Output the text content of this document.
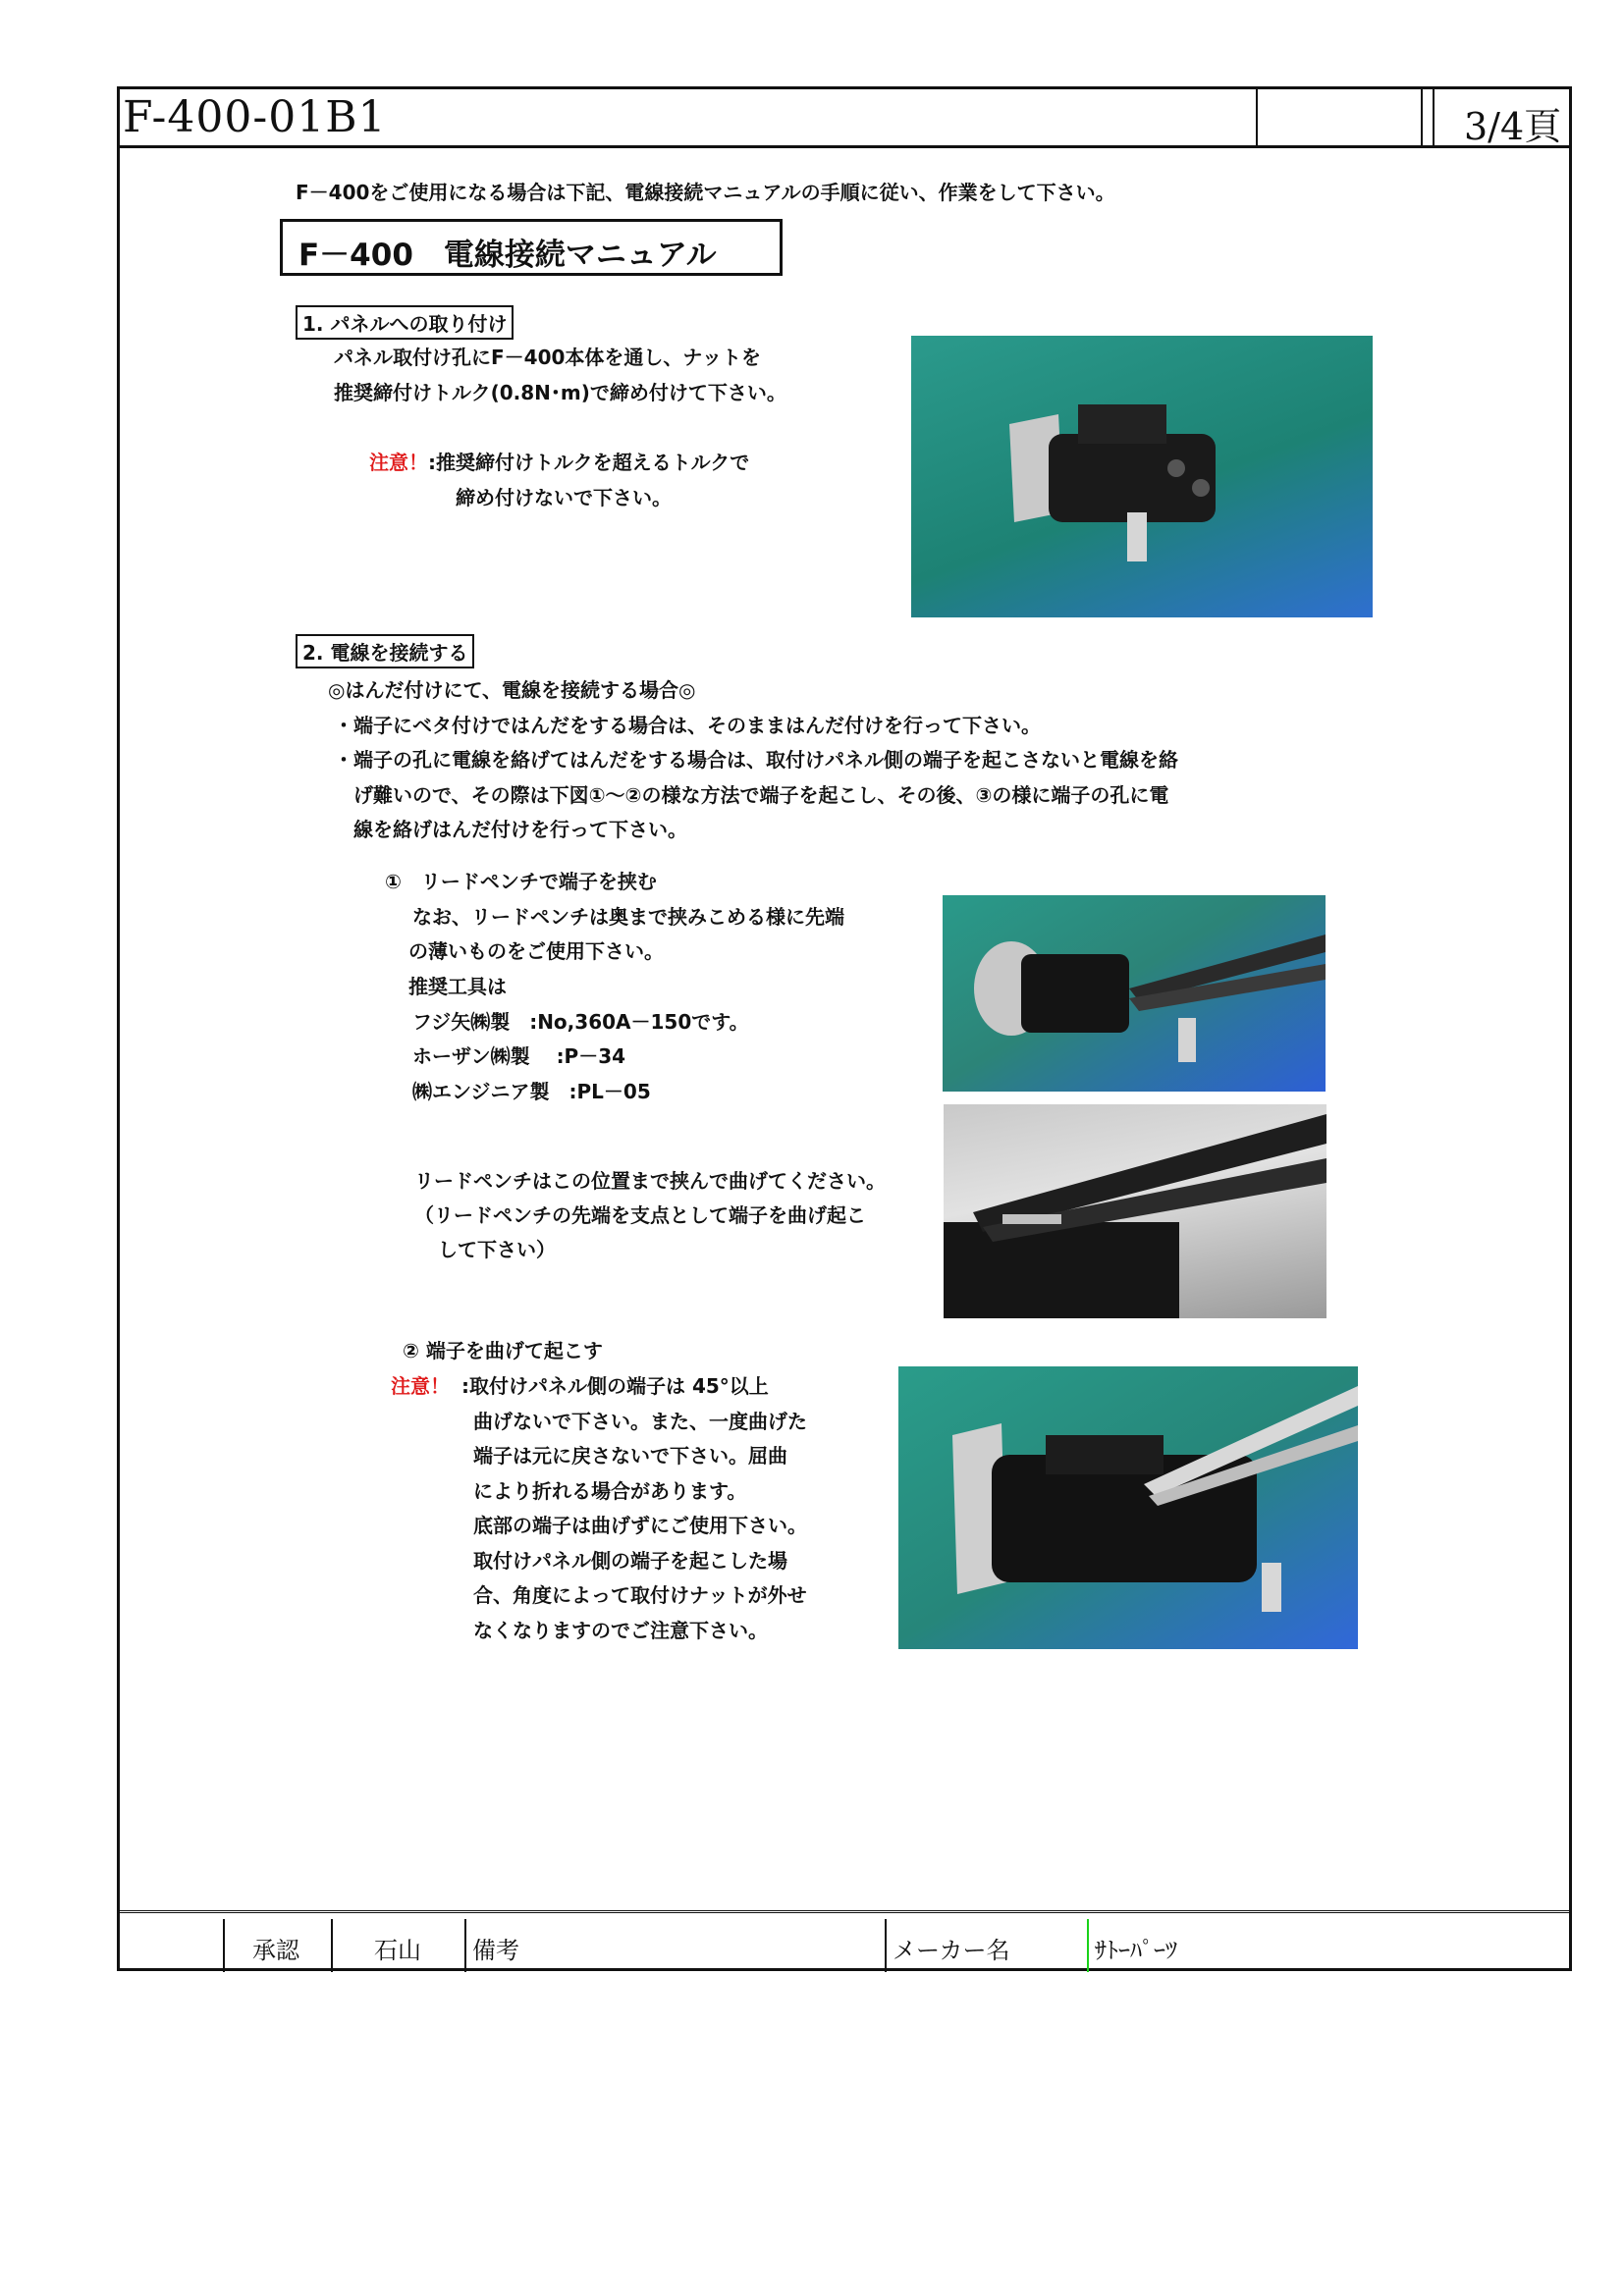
F-400-01B1	3/4頁
F－400をご使用になる場合は下記、電線接続マニュアルの手順に従い、作業をして下さい。
F－400　電線接続マニュアル
1. パネルへの取り付け
パネル取付け孔にF－400本体を通し、ナットを
推奨締付けトルク(0.8N･m)で締め付けて下さい。
注意！ :推奨締付けトルクを超えるトルクで
締め付けないで下さい。
2. 電線を接続する
◎はんだ付けにて、電線を接続する場合◎
・端子にベタ付けではんだをする場合は、そのままはんだ付けを行って下さい。
・端子の孔に電線を絡げてはんだをする場合は、取付けパネル側の端子を起こさないと電線を絡
げ難いので、その際は下図①～②の様な方法で端子を起こし、その後、③の様に端子の孔に電
線を絡げはんだ付けを行って下さい。
①　リードペンチで端子を挟む
なお、リードペンチは奥まで挟みこめる様に先端
の薄いものをご使用下さい。
推奨工具は
フジ矢㈱製　:No,360A－150です。
ホーザン㈱製　 :P－34
㈱エンジニア製　:PL－05
リードペンチはこの位置まで挟んで曲げてください。
（リードペンチの先端を支点として端子を曲げ起こ
して下さい）
② 端子を曲げて起こす
注意！ :取付けパネル側の端子は 45°以上
曲げないで下さい。また、一度曲げた
端子は元に戻さないで下さい。屈曲
により折れる場合があります。
底部の端子は曲げずにご使用下さい。
取付けパネル側の端子を起こした場
合、角度によって取付けナットが外せ
なくなりますのでご注意下さい。
承認	石山 備考	メーカー名	ｻﾄｰﾊﾟｰﾂ
